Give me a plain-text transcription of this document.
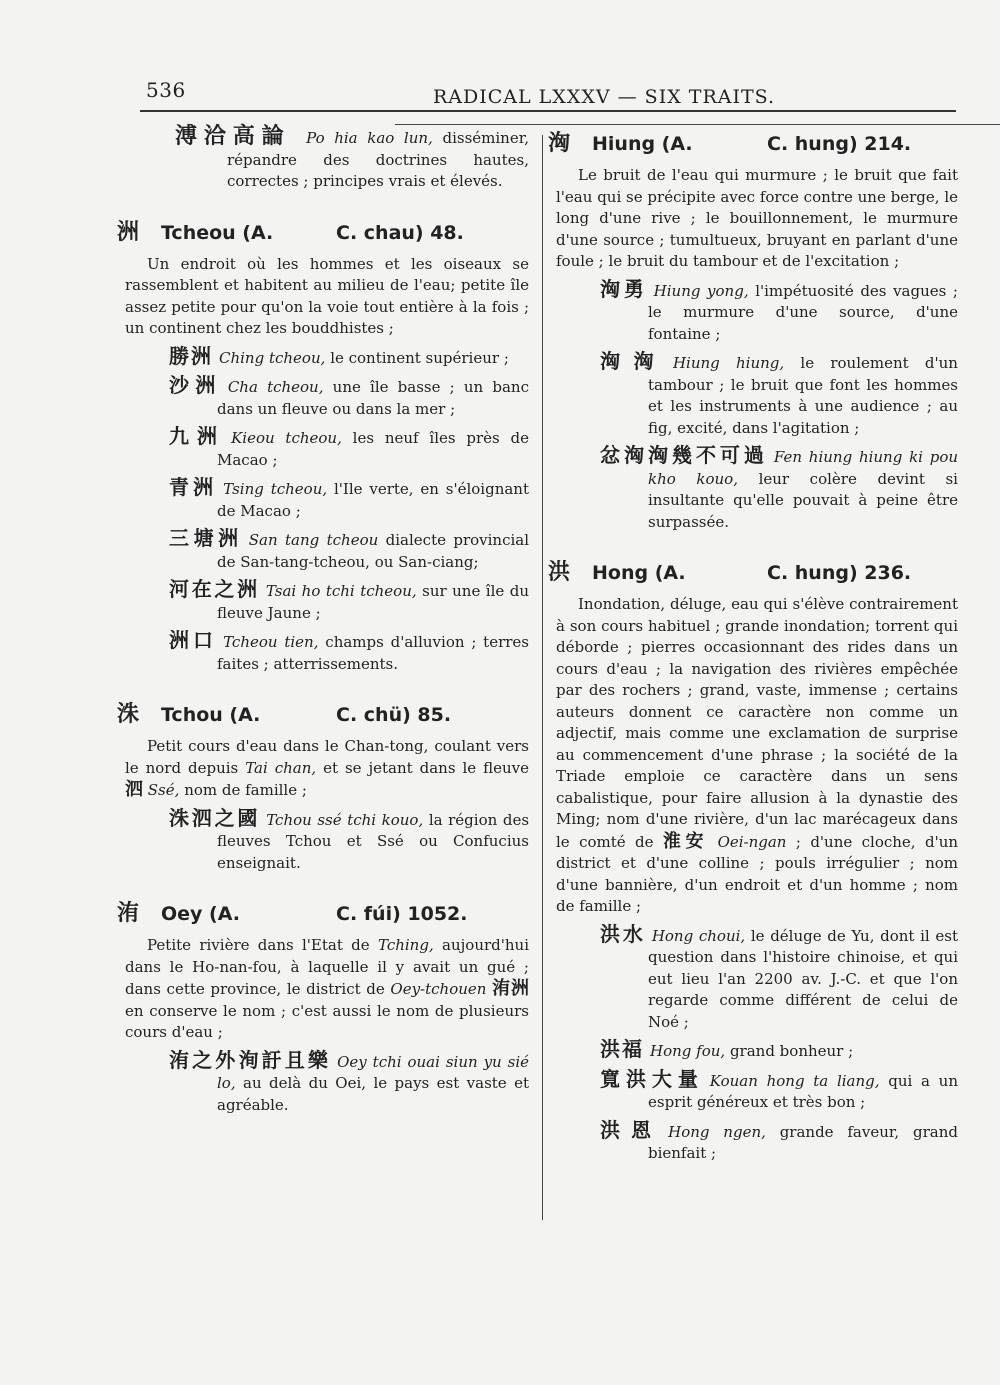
536	RADICAL LXXXV — SIX TRAITS.
溥洽高論 Po hia kao lun, disséminer, répandre des doctrines hautes, correctes ; principes vrais et élevés.
洲	Tcheou (A.	C. chau) 48.

Un endroit où les hommes et les oiseaux se rassemblent et habitent au milieu de l'eau; petite île assez petite pour qu'on la voie tout entière à la fois ; un continent chez les bouddhistes ;

勝洲 Ching tcheou, le continent supérieur ;

沙洲 Cha tcheou, une île basse ; un banc dans un fleuve ou dans la mer ;

九洲 Kieou tcheou, les neuf îles près de Macao ;

青洲 Tsing tcheou, l'Ile verte, en s'éloignant de Macao ;

三塘洲 San tang tcheou dialecte provincial de San-tang-tcheou, ou San-ciang;

河在之洲 Tsai ho tchi tcheou, sur une île du fleuve Jaune ;

洲口 Tcheou tien, champs d'alluvion ; terres faites ; atterrissements.

洙	Tchou (A.	C. chü) 85.

Petit cours d'eau dans le Chan-tong, coulant vers le nord depuis Tai chan, et se jetant dans le fleuve 泗 Ssé, nom de famille ;

洙泗之國 Tchou ssé tchi kouo, la région des fleuves Tchou et Ssé ou Confucius enseignait.

洧	Oey (A.	C. fúi) 1052.

Petite rivière dans l'Etat de Tching, aujourd'hui dans le Ho-nan-fou, à laquelle il y avait un gué ; dans cette province, le district de Oey-tchouen 洧洲 en conserve le nom ; c'est aussi le nom de plusieurs cours d'eau ;

洧之外洵訏且樂 Oey tchi ouai siun yu sié lo, au delà du Oei, le pays est vaste et agréable.

洶	Hiung (A.	C. hung) 214.

Le bruit de l'eau qui murmure ; le bruit que fait l'eau qui se précipite avec force contre une berge, le long d'une rive ; le bouillonnement, le murmure d'une source ; tumultueux, bruyant en parlant d'une foule ; le bruit du tambour et de l'excitation ;

洶勇 Hiung yong, l'impétuosité des vagues ; le murmure d'une source, d'une fontaine ;

洶洶 Hiung hiung, le roulement d'un tambour ; le bruit que font les hommes et les instruments à une audience ; au fig, excité, dans l'agitation ;

忿洶洶幾不可過 Fen hiung hiung ki pou kho kouo, leur colère devint si insultante qu'elle pouvait à peine être surpassée.

洪	Hong (A.	C. hung) 236.

Inondation, déluge, eau qui s'élève contrairement à son cours habituel ; grande inondation; torrent qui déborde ; pierres occasionnant des rides dans un cours d'eau ; la navigation des rivières empêchée par des rochers ; grand, vaste, immense ; certains auteurs donnent ce caractère non comme un adjectif, mais comme une exclamation de surprise au commencement d'une phrase ; la société de la Triade emploie ce caractère dans un sens cabalistique, pour faire allusion à la dynastie des Ming; nom d'une rivière, d'un lac marécageux dans le comté de 淮安 Oei-ngan ; d'une cloche, d'un district et d'une colline ; pouls irrégulier ; nom d'une bannière, d'un endroit et d'un homme ; nom de famille ;

洪水 Hong choui, le déluge de Yu, dont il est question dans l'histoire chinoise, et qui eut lieu l'an 2200 av. J.-C. et que l'on regarde comme différent de celui de Noé ;

洪福 Hong fou, grand bonheur ;

寬洪大量 Kouan hong ta liang, qui a un esprit généreux et très bon ;

洪恩 Hong ngen, grande faveur, grand bienfait ;
